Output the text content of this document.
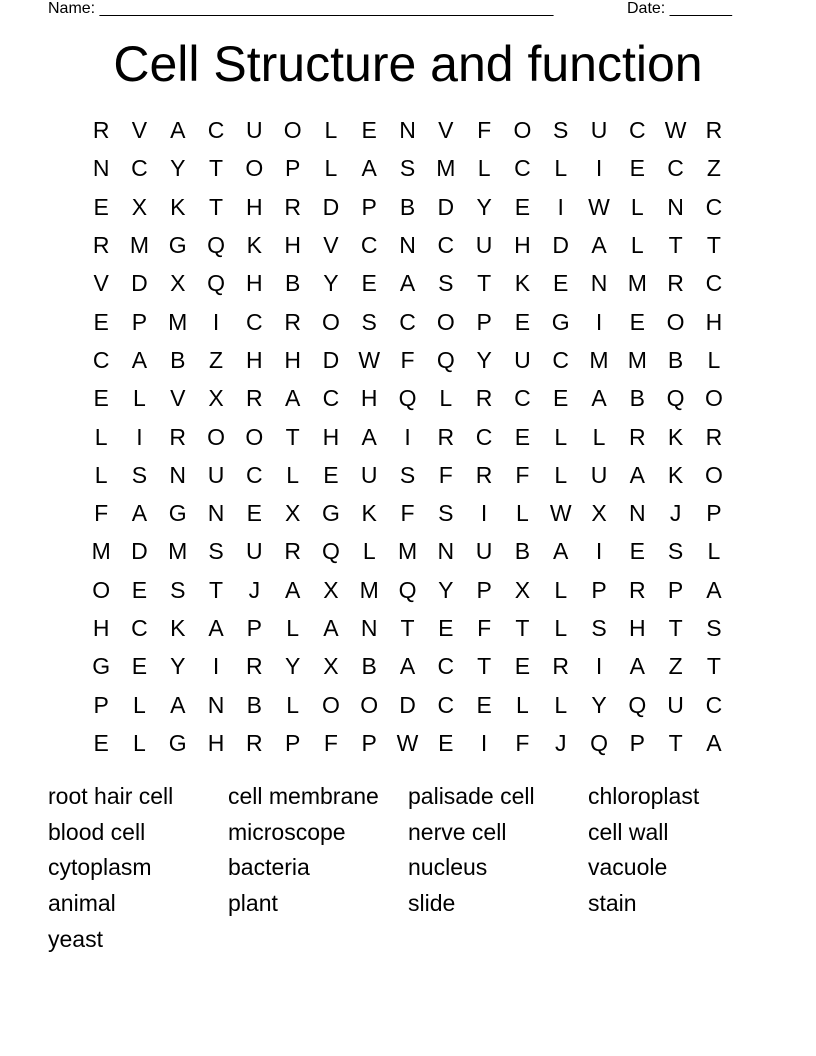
Name: ___________________________________________________	Date: _______
Cell Structure and function
R V A C U O L	E N V	F O S U C W R
N C Y	T O P	L	A S M L	C	L	I	E C Z
E X K	T H R D P B D Y E	I	W L	N C
R M G Q K H V C N C U H D A	L	T	T
V D X Q H B Y E A S	T	K E N M R C
E P M	I	C R O S C O P E G	I	E O H
C A B	Z H H D W F Q Y U C M M B	L
E	L	V X R A C H Q L	R C E A B Q O
L	I	R O O T H A	I	R C E	L	L	R K R
L	S N U C	L	E U S	F R F	L	U A K O
F	A G N E X G K	F	S	I	L W X N	J	P
M D M S U R Q L M N U B A	I	E S	L
O E S	T	J	A X M Q Y P X	L	P R P A
H C K A P	L	A N T	E	F	T	L	S H T	S
G E Y	I	R Y X B A C T	E R	I	A	Z	T
P	L	A N B	L O O D C E	L	L	Y Q U C
E	L G H R P	F	P W E	I	F	J	Q P	T	A
root hair cell	cell membrane	palisade cell	chloroplast
blood cell	microscope	nerve cell	cell wall
cytoplasm	bacteria	nucleus	vacuole
animal	plant	slide	stain
yeast
